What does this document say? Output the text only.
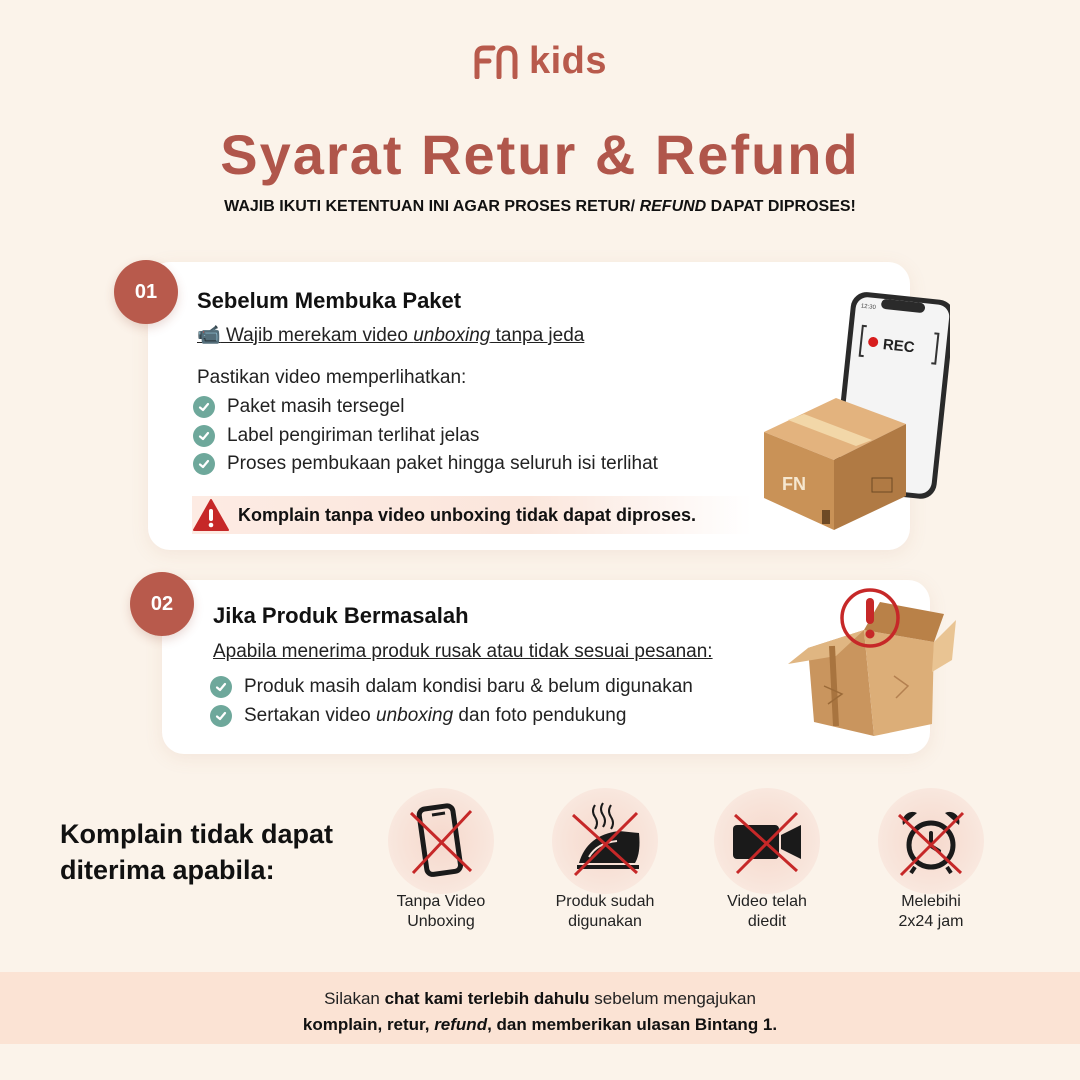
kids
Syarat Retur & Refund
WAJIB IKUTI KETENTUAN INI AGAR PROSES RETUR/ REFUND DAPAT DIPROSES!
01	Sebelum Membuka Paket
📹 Wajib merekam video unboxing tanpa jeda
Pastikan video memperlihatkan:
Paket masih tersegel
Label pengiriman terlihat jelas
Proses pembukaan paket hingga seluruh isi terlihat
Komplain tanpa video unboxing tidak dapat diproses.
12:30
REC
FN
02	Jika Produk Bermasalah
Apabila menerima produk rusak atau tidak sesuai pesanan:
Produk masih dalam kondisi baru & belum digunakan
Sertakan video unboxing dan foto pendukung
Komplain tidak dapat
diterima apabila:
Tanpa Video
Unboxing
Produk sudah
digunakan
Video telah
diedit
Melebihi
2x24 jam
Silakan chat kami terlebih dahulu sebelum mengajukan
komplain, retur, refund, dan memberikan ulasan Bintang 1.
